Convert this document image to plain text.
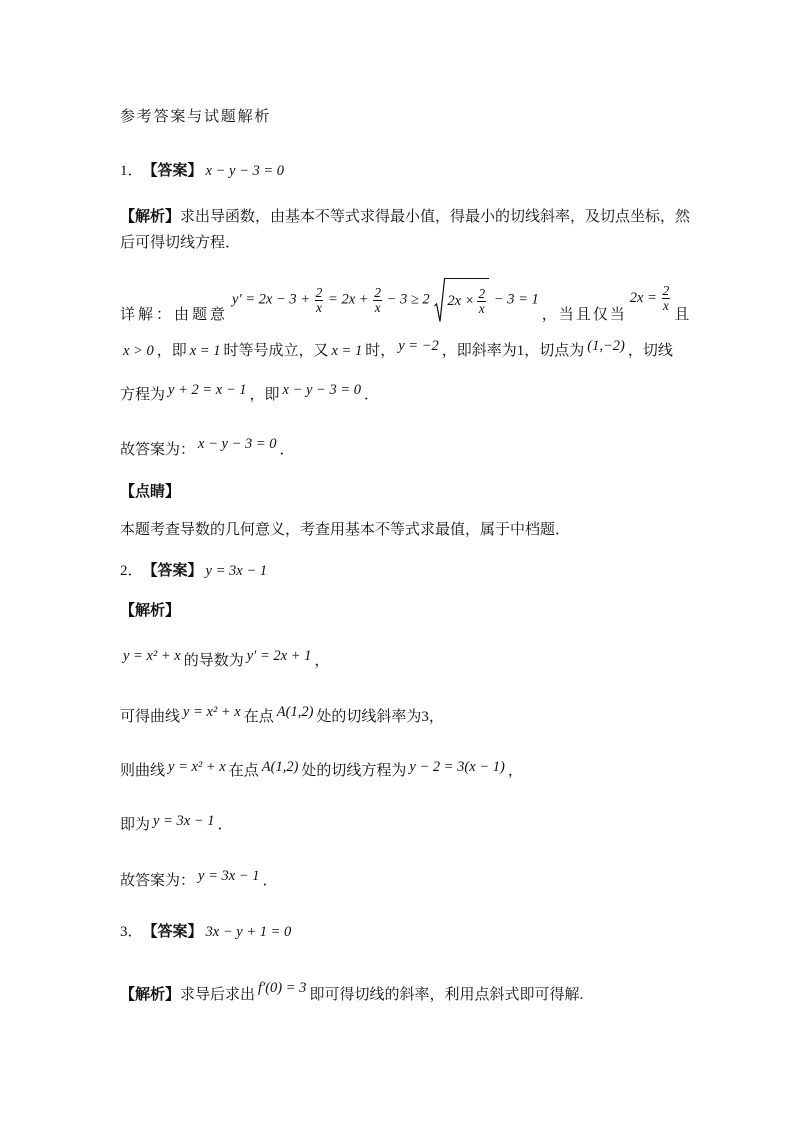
参考答案与试题解析
1． 【答案】 x − y − 3 = 0
【解析】 求出导函数，由基本不等式求得最小值，得最小的切线斜率，及切点坐标，然
后可得切线方程．
详解：由题意
$y' = 2x - 3 + \frac{2}{x} = 2x + \frac{2}{x} - 3 \ge 2$ $2x \times \frac{2}{x} - 3 = 1$
，当且仅当
$2x = \frac{2}{x}$
且
x > 0 ，即 x = 1 时等号成立，又 x = 1 时， y = −2 ，即斜率为1，切点为 (1,−2) ，切线
方程为 y + 2 = x − 1 ，即 x − y − 3 = 0 ．
故答案为： x − y − 3 = 0 ．
【点睛】
本题考查导数的几何意义，考查用基本不等式求最值，属于中档题．
2． 【答案】 y = 3x − 1
【解析】
y = x² + x 的导数为 y′ = 2x + 1 ，
可得曲线 y = x² + x 在点 A(1,2) 处的切线斜率为3，
则曲线 y = x² + x 在点 A(1,2) 处的切线方程为 y − 2 = 3(x − 1) ，
即为 y = 3x − 1 ．
故答案为： y = 3x − 1 ．
3． 【答案】 3x − y + 1 = 0
【解析】 求导后求出 f′(0) = 3 即可得切线的斜率，利用点斜式即可得解.
